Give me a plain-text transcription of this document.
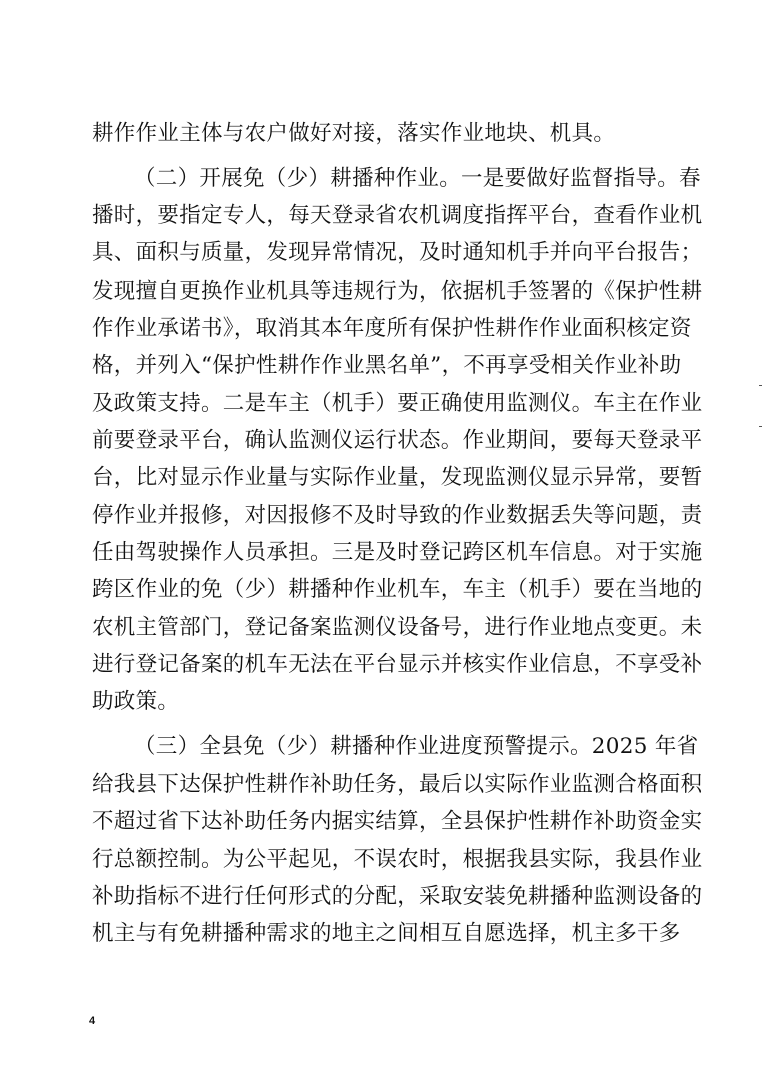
耕作作业主体与农户做好对接，落实作业地块、机具。
（二）开展免（少）耕播种作业。一是要做好监督指导。春
播时，要指定专人，每天登录省农机调度指挥平台，查看作业机
具、面积与质量，发现异常情况，及时通知机手并向平台报告；
发现擅自更换作业机具等违规行为，依据机手签署的《保护性耕
作作业承诺书》，取消其本年度所有保护性耕作作业面积核定资
格，并列入“保护性耕作作业黑名单”，不再享受相关作业补助
及政策支持。二是车主（机手）要正确使用监测仪。车主在作业
前要登录平台，确认监测仪运行状态。作业期间，要每天登录平
台，比对显示作业量与实际作业量，发现监测仪显示异常，要暂
停作业并报修，对因报修不及时导致的作业数据丢失等问题，责
任由驾驶操作人员承担。三是及时登记跨区机车信息。对于实施
跨区作业的免（少）耕播种作业机车，车主（机手）要在当地的
农机主管部门，登记备案监测仪设备号，进行作业地点变更。未
进行登记备案的机车无法在平台显示并核实作业信息，不享受补
助政策。
（三）全县免（少）耕播种作业进度预警提示。2025 年省
给我县下达保护性耕作补助任务，最后以实际作业监测合格面积
不超过省下达补助任务内据实结算，全县保护性耕作补助资金实
行总额控制。为公平起见，不误农时，根据我县实际，我县作业
补助指标不进行任何形式的分配，采取安装免耕播种监测设备的
机主与有免耕播种需求的地主之间相互自愿选择，机主多干多
4
